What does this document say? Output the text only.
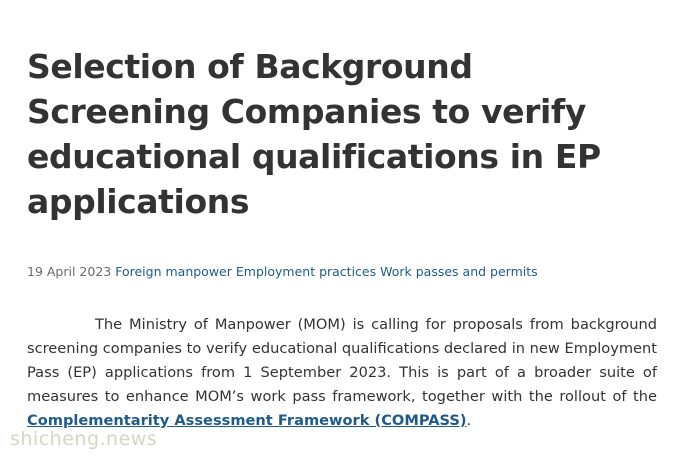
Selection of Background Screening Companies to verify educational qualifications in EP applications
19 April 2023 Foreign manpower Employment practices Work passes and permits

The Ministry of Manpower (MOM) is calling for proposals from background screening companies to verify educational qualifications declared in new Employment Pass (EP) applications from 1 September 2023. This is part of a broader suite of measures to enhance MOM’s work pass framework, together with the rollout of the Complementarity Assessment Framework (COMPASS).

shicheng.news
